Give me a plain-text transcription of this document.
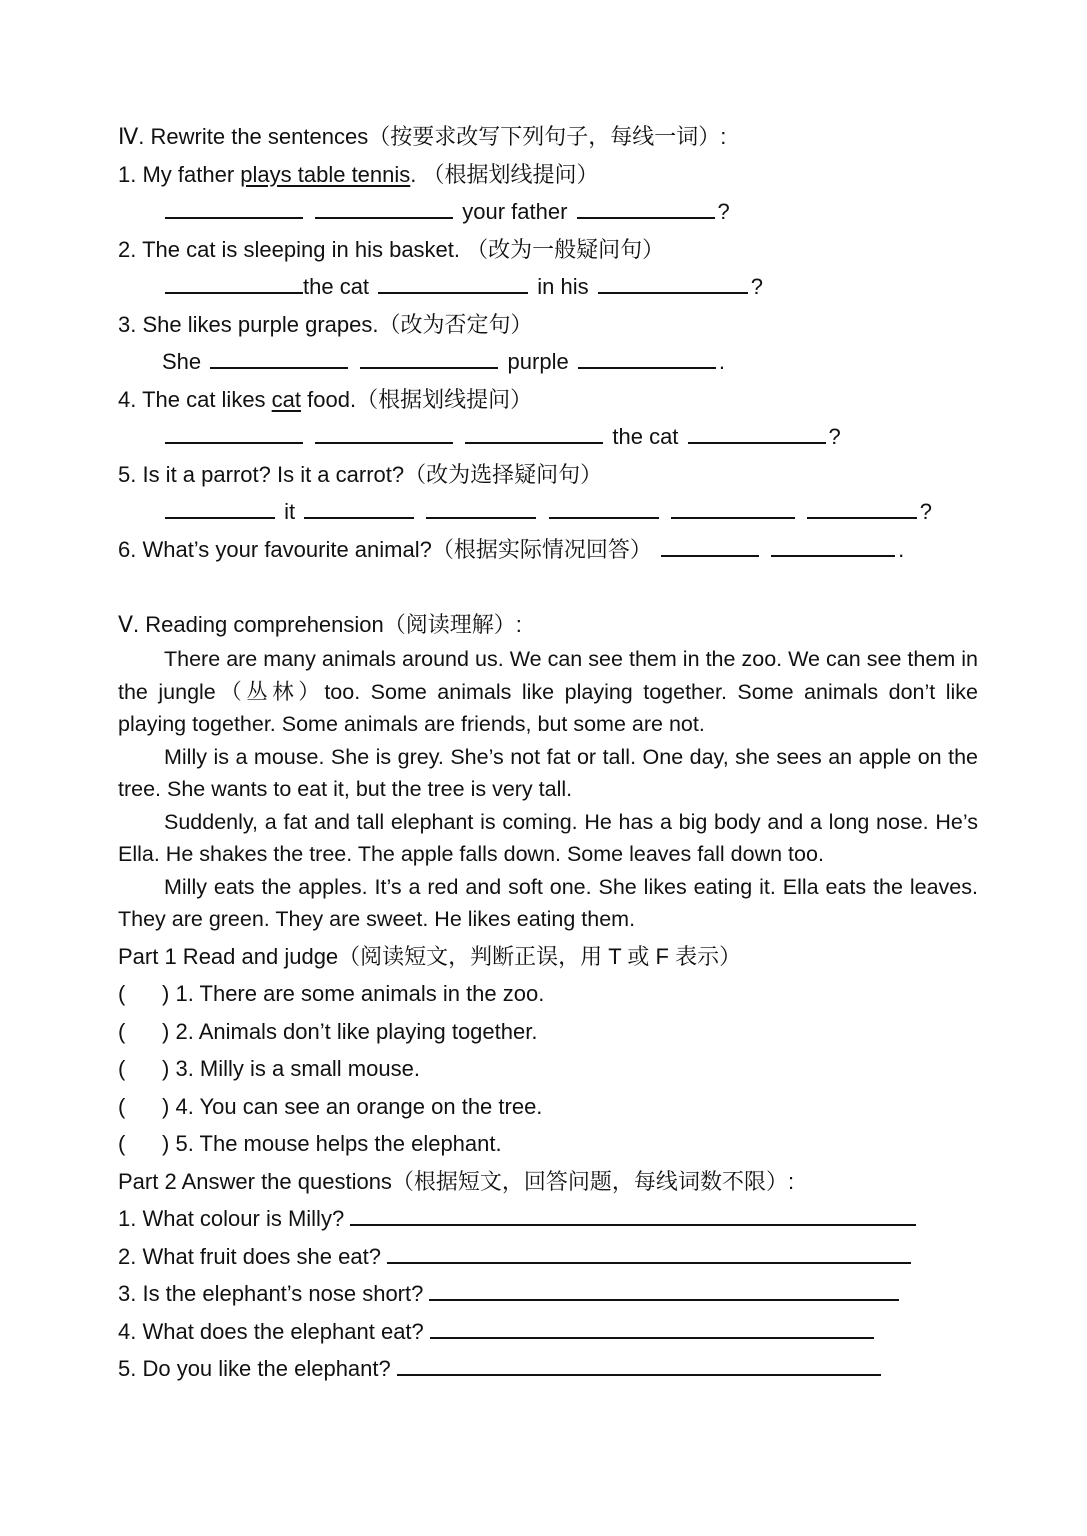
Ⅳ. Rewrite the sentences（按要求改写下列句子，每线一词）:
1. My father plays table tennis. （根据划线提问）
your father	?
2. The cat is sleeping in his basket. （改为一般疑问句）
the cat	in his	?
3. She likes purple grapes.（改为否定句）
She	purple	.
4. The cat likes cat food.（根据划线提问）
the cat	?
5. Is it a parrot? Is it a carrot?（改为选择疑问句）
it	?
6. What’s your favourite animal?（根据实际情况回答）	.
Ⅴ. Reading comprehension（阅读理解）:

There are many animals around us. We can see them in the zoo. We can see them in the jungle（丛林）too. Some animals like playing together. Some animals don’t like playing together. Some animals are friends, but some are not.

Milly is a mouse. She is grey. She’s not fat or tall. One day, she sees an apple on the tree. She wants to eat it, but the tree is very tall.

Suddenly, a fat and tall elephant is coming. He has a big body and a long nose. He’s Ella. He shakes the tree. The apple falls down. Some leaves fall down too.

Milly eats the apples. It’s a red and soft one. She likes eating it. Ella eats the leaves. They are green. They are sweet. He likes eating them.

Part 1 Read and judge（阅读短文，判断正误，用 T 或 F 表示）
(      ) 1. There are some animals in the zoo.
(      ) 2. Animals don’t like playing together.
(      ) 3. Milly is a small mouse.
(      ) 4. You can see an orange on the tree.
(      ) 5. The mouse helps the elephant.
Part 2 Answer the questions（根据短文，回答问题，每线词数不限）:
1. What colour is Milly?
2. What fruit does she eat?
3. Is the elephant’s nose short?
4. What does the elephant eat?
5. Do you like the elephant?
